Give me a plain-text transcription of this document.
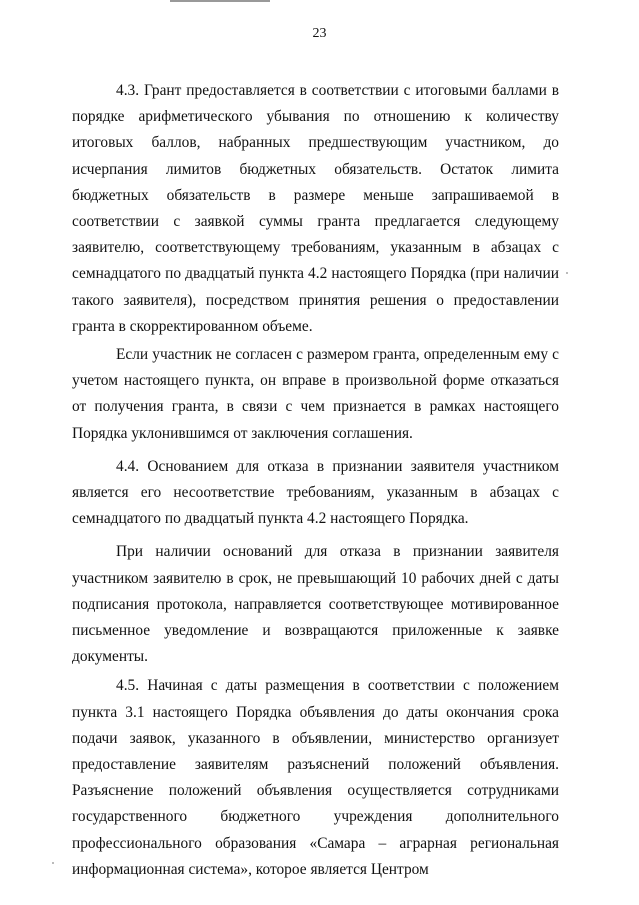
23

4.3. Грант предоставляется в соответствии с итоговыми баллами в порядке арифметического убывания по отношению к количеству итоговых баллов, набранных предшествующим участником, до исчерпания лимитов бюджетных обязательств. Остаток лимита бюджетных обязательств в размере меньше запрашиваемой в соответствии с заявкой суммы гранта предлагается следующему заявителю, соответствующему требованиям, указанным в абзацах с семнадцатого по двадцатый пункта 4.2 настоящего Порядка (при наличии такого заявителя), посредством принятия решения о предоставлении гранта в скорректированном объеме.

Если участник не согласен с размером гранта, определенным ему с учетом настоящего пункта, он вправе в произвольной форме отказаться от получения гранта, в связи с чем признается в рамках настоящего Порядка уклонившимся от заключения соглашения.

4.4. Основанием для отказа в признании заявителя участником является его несоответствие требованиям, указанным в абзацах с семнадцатого по двадцатый пункта 4.2 настоящего Порядка.

При наличии оснований для отказа в признании заявителя участником заявителю в срок, не превышающий 10 рабочих дней с даты подписания протокола, направляется соответствующее мотивированное письменное уведомление и возвращаются приложенные к заявке документы.

4.5. Начиная с даты размещения в соответствии с положением пункта 3.1 настоящего Порядка объявления до даты окончания срока подачи заявок, указанного в объявлении, министерство организует предоставление заявителям разъяснений положений объявления. Разъяснение положений объявления осуществляется сотрудниками государственного бюджетного учреждения дополнительного профессионального образования «Самара – аграрная региональная информационная система», которое является Центром
